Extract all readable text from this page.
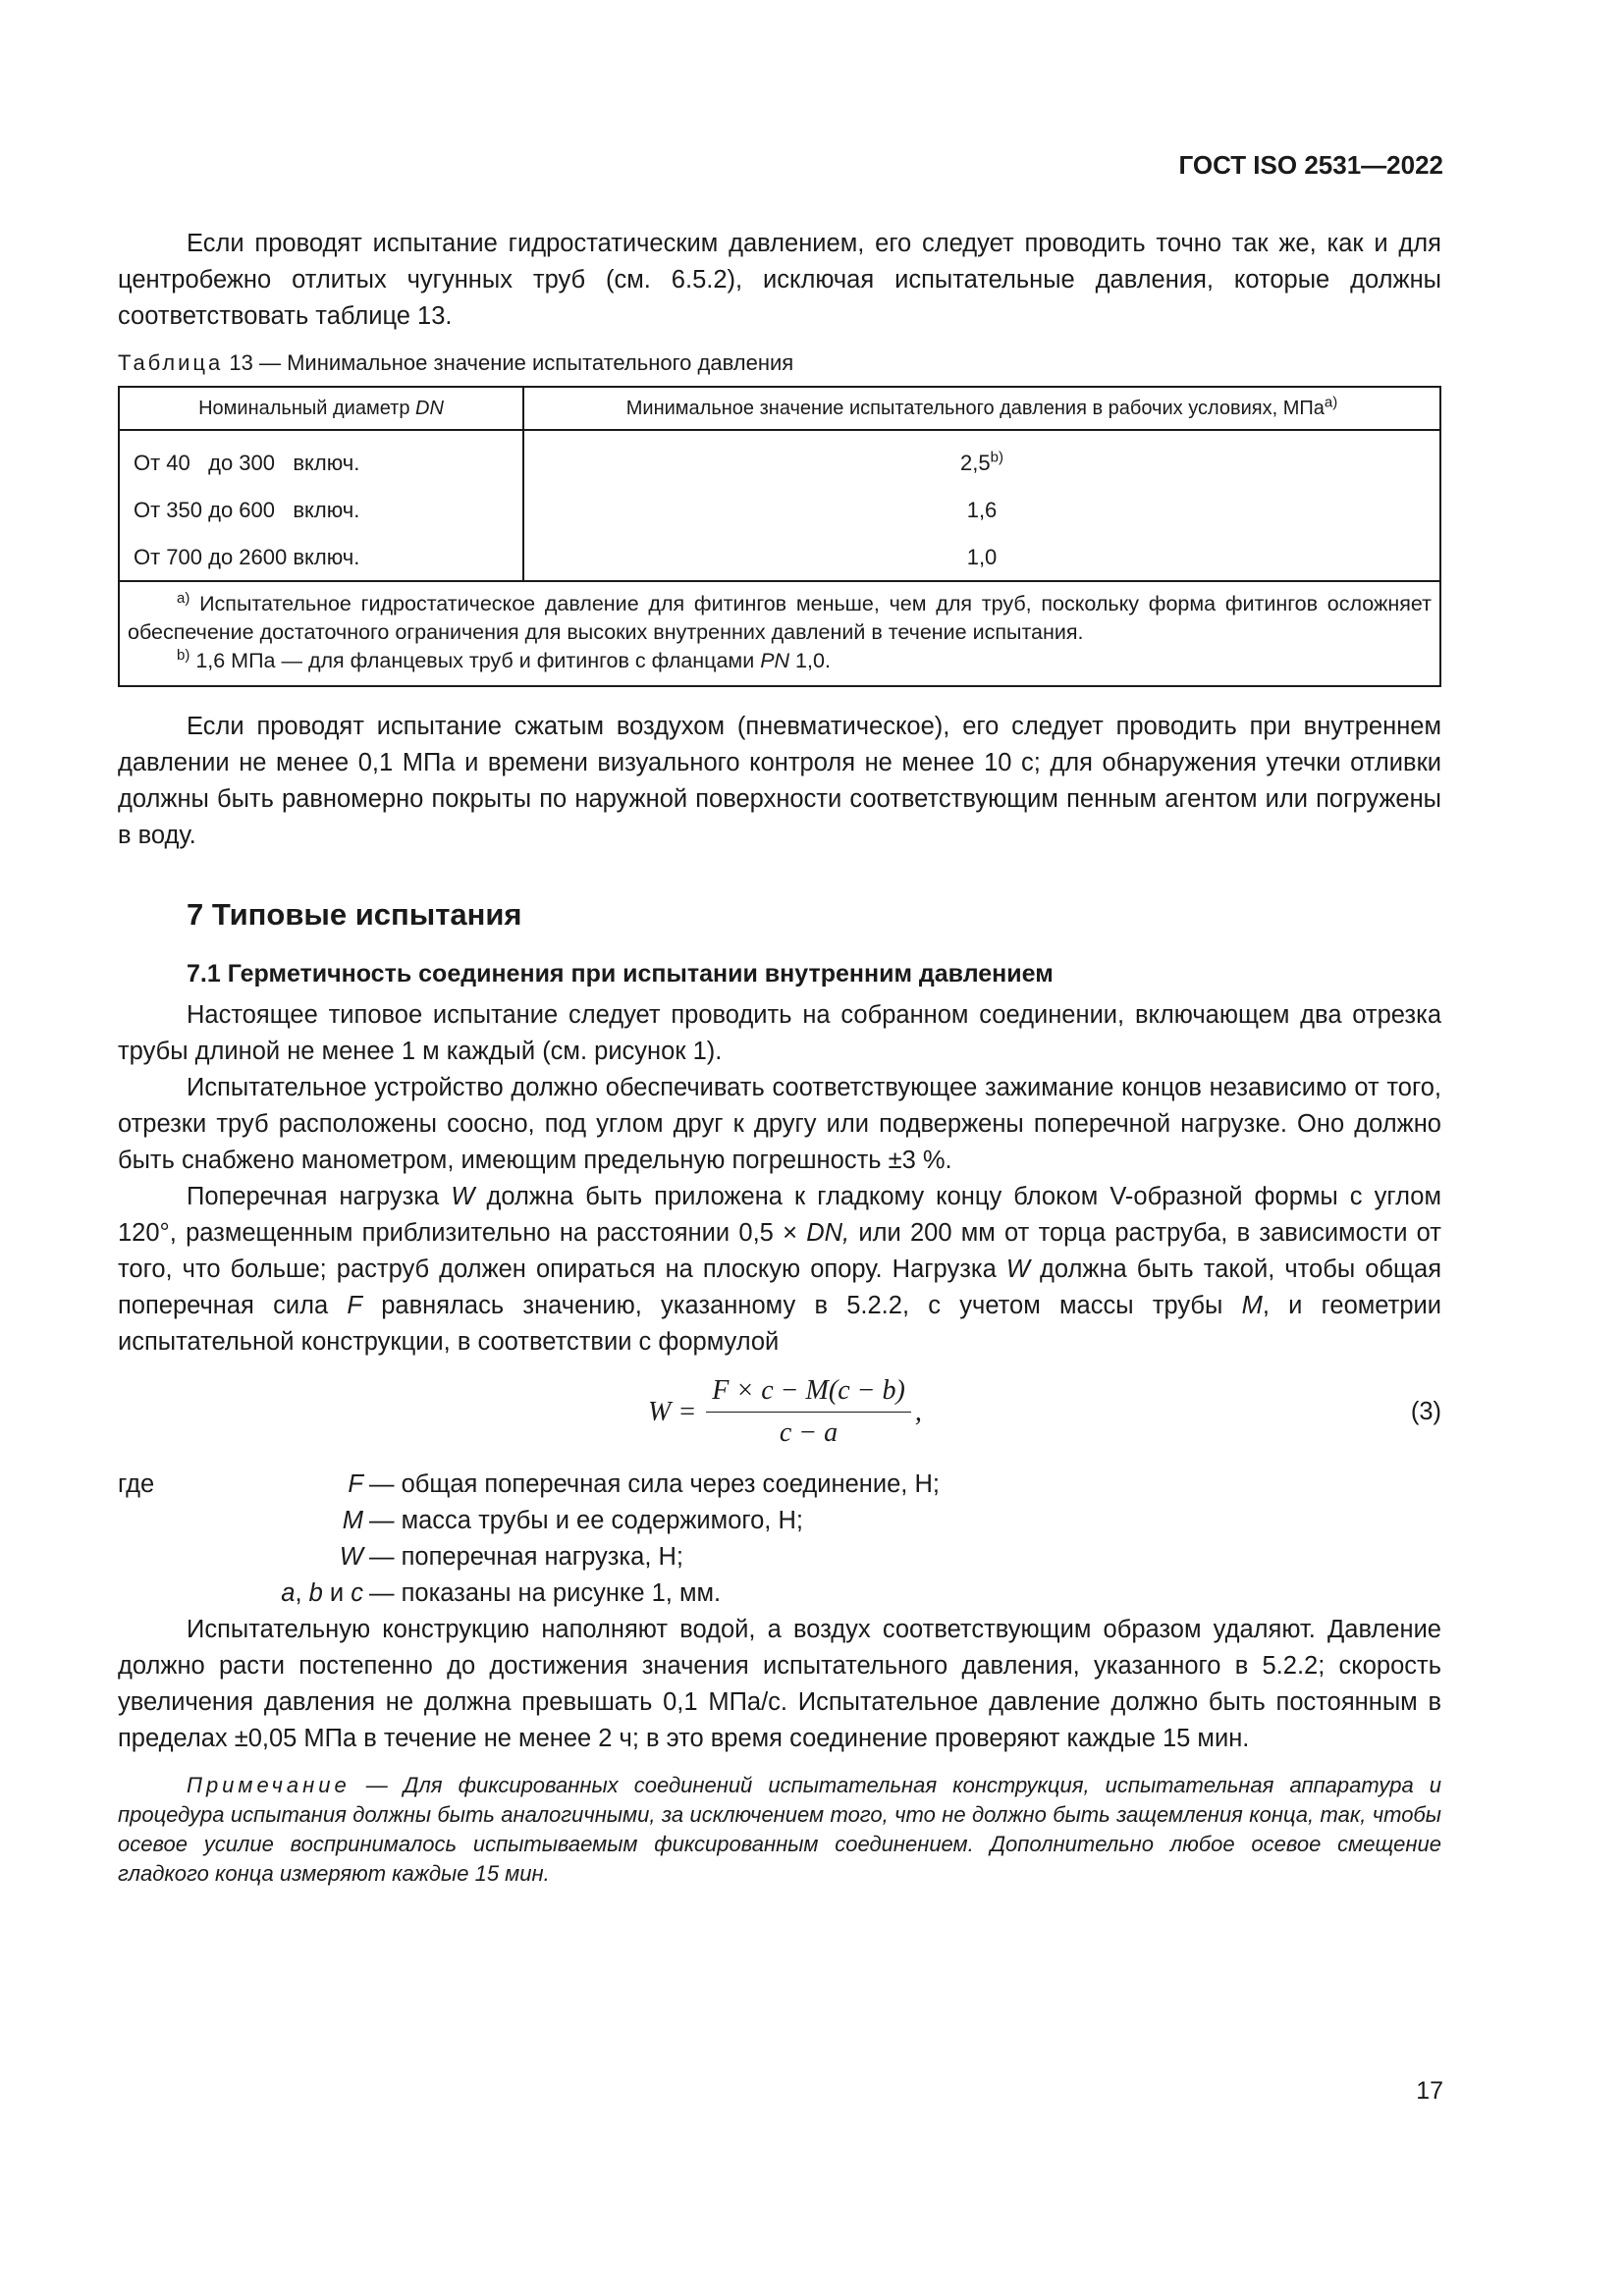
ГОСТ ISO 2531—2022

Если проводят испытание гидростатическим давлением, его следует проводить точно так же, как и для центробежно отлитых чугунных труб (см. 6.5.2), исключая испытательные давления, которые должны соответствовать таблице 13.

Таблица 13 — Минимальное значение испытательного давления
Номинальный диаметр DN	Минимальное значение испытательного давления в рабочих условиях, МПа$^{a)}$
От 40   до 300   включ.	2,5$^{b)}$
От 350 до 600   включ.	1,6
От 700 до 2600 включ.	1,0

$^{a)}$ Испытательное гидростатическое давление для фитингов меньше, чем для труб, поскольку форма фитингов осложняет обеспечение достаточного ограничения для высоких внутренних давлений в течение испытания.
$^{b)}$ 1,6 МПа — для фланцевых труб и фитингов с фланцами PN 1,0.	

Если проводят испытание сжатым воздухом (пневматическое), его следует проводить при внутреннем давлении не менее 0,1 МПа и времени визуального контроля не менее 10 с; для обнаружения утечки отливки должны быть равномерно покрыты по наружной поверхности соответствующим пенным агентом или погружены в воду.

7 Типовые испытания
7.1 Герметичность соединения при испытании внутренним давлением

Настоящее типовое испытание следует проводить на собранном соединении, включающем два отрезка трубы длиной не менее 1 м каждый (см. рисунок 1).

Испытательное устройство должно обеспечивать соответствующее зажимание концов независимо от того, отрезки труб расположены соосно, под углом друг к другу или подвержены поперечной нагрузке. Оно должно быть снабжено манометром, имеющим предельную погрешность ±3 %.

Поперечная нагрузка W должна быть приложена к гладкому концу блоком V-образной формы с углом 120°, размещенным приблизительно на расстоянии 0,5 × DN, или 200 мм от торца раструба, в зависимости от того, что больше; раструб должен опираться на плоскую опору. Нагрузка W должна быть такой, чтобы общая поперечная сила F равнялась значению, указанному в 5.2.2, с учетом массы трубы M, и геометрии испытательной конструкции, в соответствии с формулой

$W = \frac{F \times c - M(c - b)}{c - a}$ ,	(3)
где	F — общая поперечная сила через соединение, Н;
M — масса трубы и ее содержимого, Н;
W — поперечная нагрузка, Н;
a, b и c — показаны на рисунке 1, мм.

Испытательную конструкцию наполняют водой, а воздух соответствующим образом удаляют. Давление должно расти постепенно до достижения значения испытательного давления, указанного в 5.2.2; скорость увеличения давления не должна превышать 0,1 МПа/с. Испытательное давление должно быть постоянным в пределах ±0,05 МПа в течение не менее 2 ч; в это время соединение проверяют каждые 15 мин.

Примечание — Для фиксированных соединений испытательная конструкция, испытательная аппаратура и процедура испытания должны быть аналогичными, за исключением того, что не должно быть защемления конца, так, чтобы осевое усилие воспринималось испытываемым фиксированным соединением. Дополнительно любое осевое смещение гладкого конца измеряют каждые 15 мин.

17
